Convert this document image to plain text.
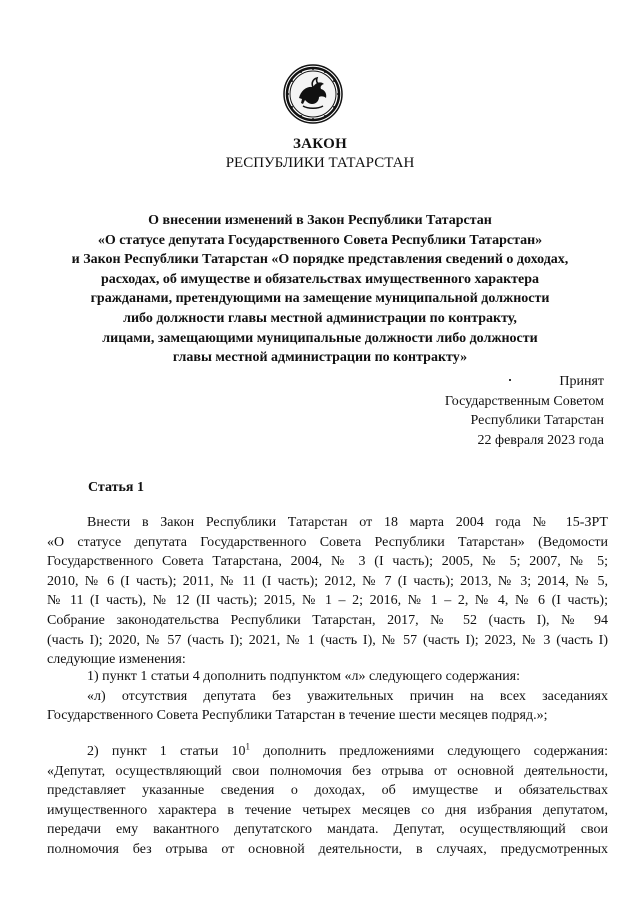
ЗАКОН
РЕСПУБЛИКИ ТАТАРСТАН
О внесении изменений в Закон Республики Татарстан
«О статусе депутата Государственного Совета Республики Татарстан»
и Закон Республики Татарстан «О порядке представления сведений о доходах,
расходах, об имуществе и обязательствах имущественного характера
гражданами, претендующими на замещение муниципальной должности
либо должности главы местной администрации по контракту,
лицами, замещающими муниципальные должности либо должности
главы местной администрации по контракту»
Принят
Государственным Советом
Республики Татарстан
22 февраля 2023 года
Статья 1
Внести в Закон Республики Татарстан от 18 марта 2004 года № 15-ЗРТ
«О статусе депутата Государственного Совета Республики Татарстан» (Ведомости
Государственного Совета Татарстана, 2004, № 3 (I часть); 2005, № 5; 2007, № 5;
2010, № 6 (I часть); 2011, № 11 (I часть); 2012, № 7 (I часть); 2013, № 3; 2014, № 5,
№ 11 (I часть), № 12 (II часть); 2015, № 1 – 2; 2016, № 1 – 2, № 4, № 6 (I часть);
Собрание законодательства Республики Татарстан, 2017, № 52 (часть I), № 94
(часть I); 2020, № 57 (часть I); 2021, № 1 (часть I), № 57 (часть I); 2023, № 3 (часть I)
следующие изменения:
1) пункт 1 статьи 4 дополнить подпунктом «л» следующего содержания:
«л) отсутствия депутата без уважительных причин на всех заседаниях
Государственного Совета Республики Татарстан в течение шести месяцев подряд.»;
2) пункт 1 статьи $10^1$ дополнить предложениями следующего содержания:
«Депутат, осуществляющий свои полномочия без отрыва от основной деятельности,
представляет указанные сведения о доходах, об имуществе и обязательствах
имущественного характера в течение четырех месяцев со дня избрания депутатом,
передачи ему вакантного депутатского мандата. Депутат, осуществляющий свои
полномочия без отрыва от основной деятельности, в случаях, предусмотренных
